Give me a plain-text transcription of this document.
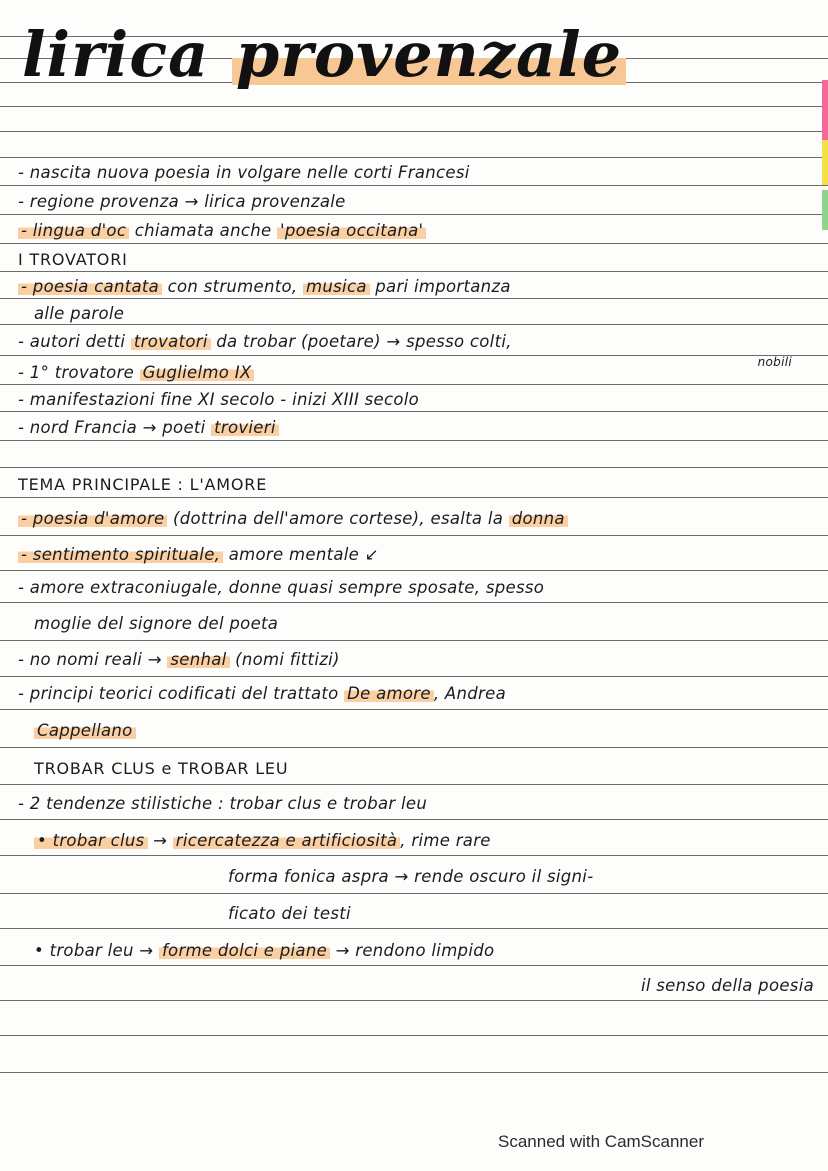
lirica provenzale
- nascita nuova poesia in volgare nelle corti Francesi
- regione provenza → lirica provenzale
- lingua d'oc chiamata anche 'poesia occitana'
I TROVATORI
- poesia cantata con strumento, musica pari importanza
alle parole
- autori detti trovatori da trobar (poetare) → spesso colti,
nobili
- 1° trovatore Guglielmo IX
- manifestazioni fine XI secolo - inizi XIII secolo
- nord Francia → poeti trovieri
TEMA PRINCIPALE : L'AMORE
- poesia d'amore (dottrina dell'amore cortese), esalta la donna
- sentimento spirituale, amore mentale ↙
- amore extraconiugale, donne quasi sempre sposate, spesso
moglie del signore del poeta
- no nomi reali → senhal (nomi fittizi)
- principi teorici codificati del trattato De amore , Andrea
Cappellano
TROBAR CLUS e TROBAR LEU
- 2 tendenze stilistiche : trobar clus e trobar leu
• trobar clus → ricercatezza e artificiosità , rime rare
forma fonica aspra → rende oscuro il signi-
ficato dei testi
• trobar leu → forme dolci e piane → rendono limpido
il senso della poesia
Scanned with CamScanner
